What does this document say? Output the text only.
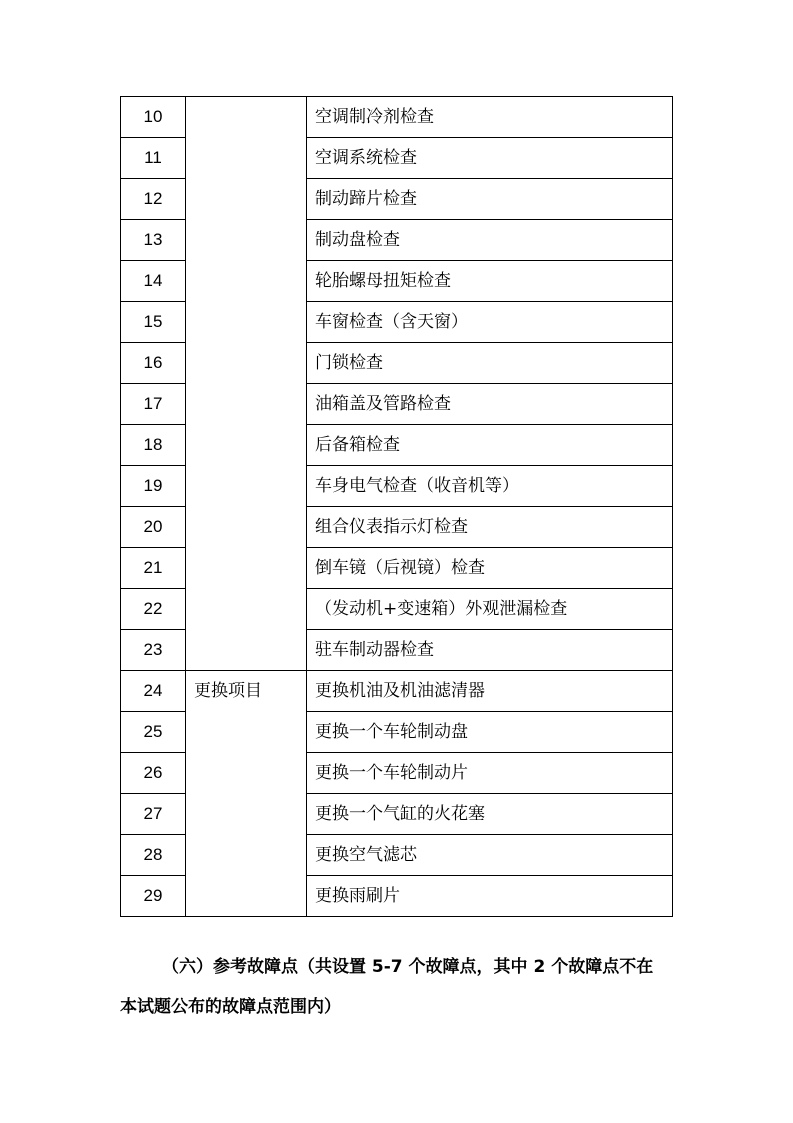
10		空调制冷剂检查
11		空调系统检查
12		制动蹄片检查
13		制动盘检查
14		轮胎螺母扭矩检查
15		车窗检查（含天窗）
16		门锁检查
17		油箱盖及管路检查
18		后备箱检查
19		车身电气检查（收音机等）
20		组合仪表指示灯检查
21		倒车镜（后视镜）检查
22		（发动机+变速箱）外观泄漏检查
23		驻车制动器检查
24	更换项目	更换机油及机油滤清器
25		更换一个车轮制动盘
26		更换一个车轮制动片
27		更换一个气缸的火花塞
28		更换空气滤芯
29		更换雨刷片
（六）参考故障点（共设置 5-7 个故障点，其中 2 个故障点不在
本试题公布的故障点范围内）
